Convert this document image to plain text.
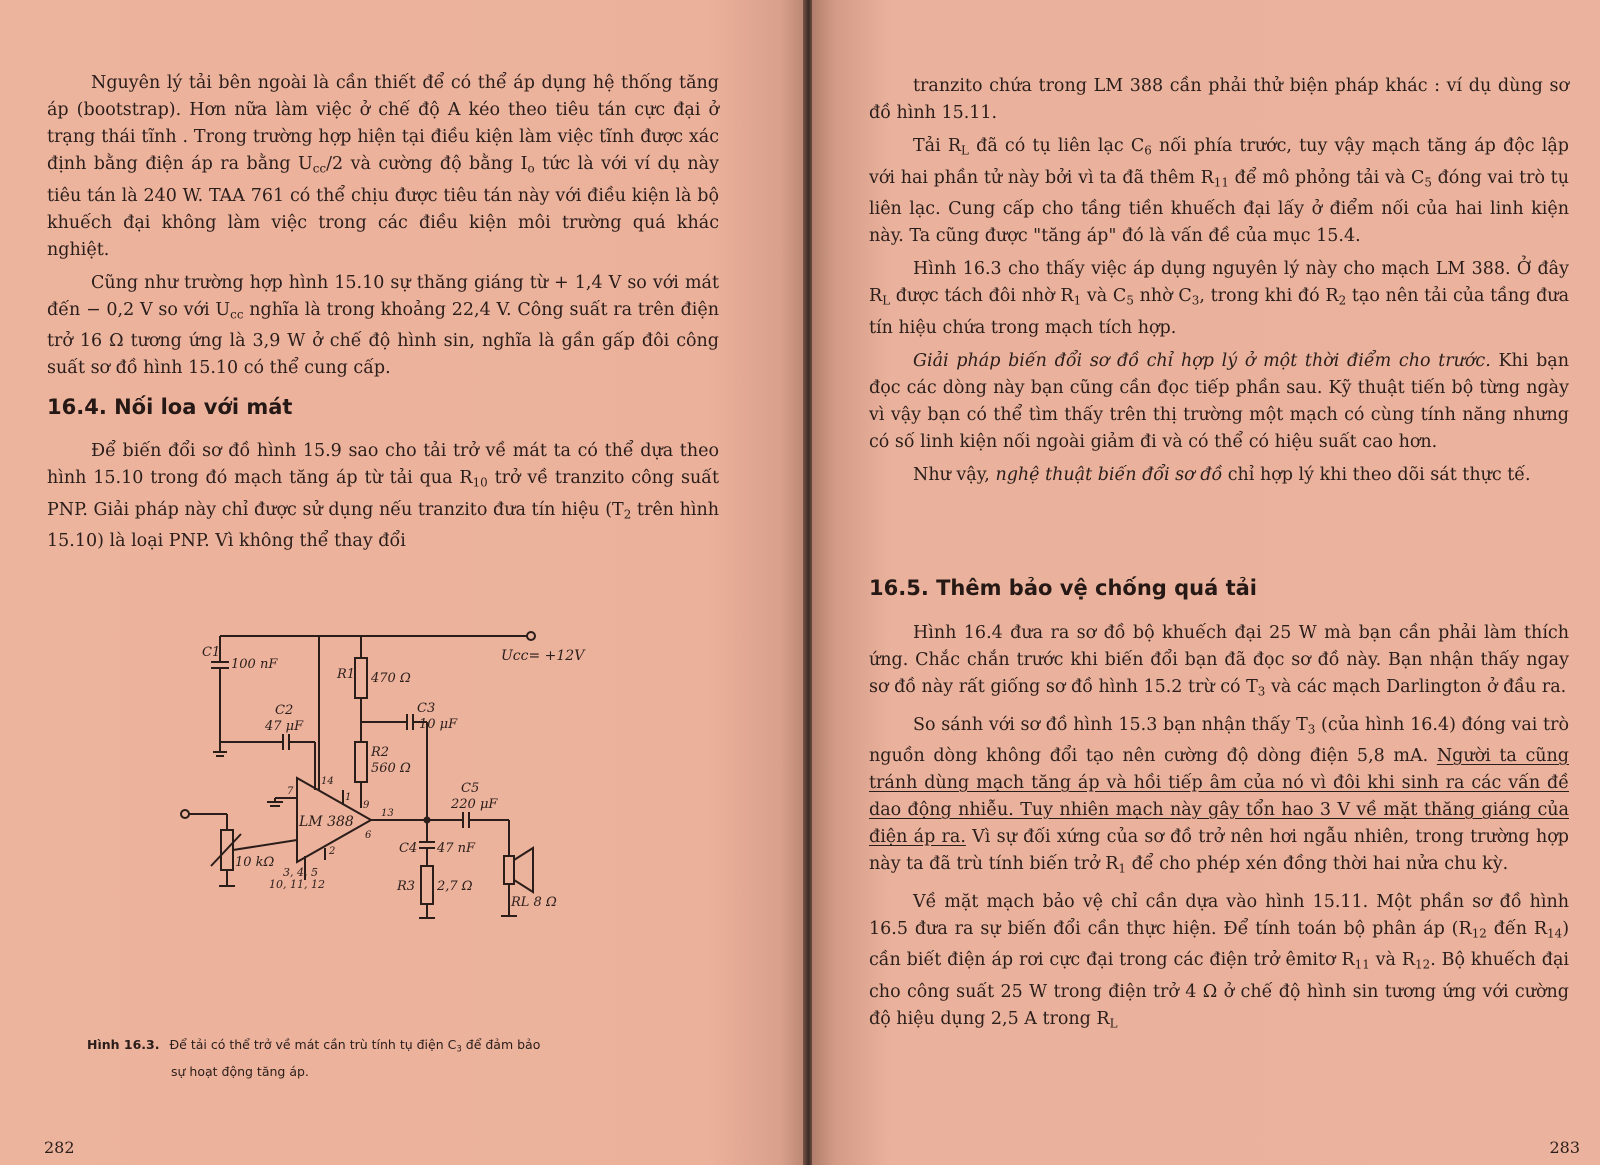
Nguyên lý tải bên ngoài là cần thiết để có thể áp dụng hệ thống tăng áp (bootstrap). Hơn nữa làm việc ở chế độ A kéo theo tiêu tán cực đại ở trạng thái tĩnh . Trong trường hợp hiện tại điều kiện làm việc tĩnh được xác định bằng điện áp ra bằng $U_{cc}/2$ và cường độ bằng $I_o$ tức là với ví dụ này tiêu tán là 240 W. TAA 761 có thể chịu được tiêu tán này với điều kiện là bộ khuếch đại không làm việc trong các điều kiện môi trường quá khác nghiệt.

Cũng như trường hợp hình 15.10 sự thăng giáng từ + 1,4 V so với mát đến − 0,2 V so với $U_{cc}$ nghĩa là trong khoảng 22,4 V. Công suất ra trên điện trở 16 Ω tương ứng là 3,9 W ở chế độ hình sin, nghĩa là gần gấp đôi công suất sơ đồ hình 15.10 có thể cung cấp.

16.4. Nối loa với mát

Để biến đổi sơ đồ hình 15.9 sao cho tải trở về mát ta có thể dựa theo hình 15.10 trong đó mạch tăng áp từ tải qua $R_{10}$ trở về tranzito công suất PNP. Giải pháp này chỉ được sử dụng nếu tranzito đưa tín hiệu ($T_2$ trên hình 15.10) là loại PNP. Vì không thể thay đổi

C1
100 nF
C2
47 μF
R1 470 Ω
C3
10 μF
R2
560 Ω
Ucc= +12V
C5
220 μF
C4 47 nF
R3 2,7 Ω
10 kΩ
LM 388
7
14
1
9
13
6
2
3, 4, 5
10, 11, 12
RL 8 Ω
Hình 16.3. Để tải có thể trở về mát cần trù tính tụ điện $C_3$ để đảm bảo
sự hoạt động tăng áp.
282

tranzito chứa trong LM 388 cần phải thử biện pháp khác : ví dụ dùng sơ đồ hình 15.11.

Tải $R_L$ đã có tụ liên lạc $C_6$ nối phía trước, tuy vậy mạch tăng áp độc lập với hai phần tử này bởi vì ta đã thêm $R_{11}$ để mô phỏng tải và $C_5$ đóng vai trò tụ liên lạc. Cung cấp cho tầng tiền khuếch đại lấy ở điểm nối của hai linh kiện này. Ta cũng được "tăng áp" đó là vấn đề của mục 15.4.

Hình 16.3 cho thấy việc áp dụng nguyên lý này cho mạch LM 388. Ở đây $R_L$ được tách đôi nhờ $R_1$ và $C_5$ nhờ $C_3$, trong khi đó $R_2$ tạo nên tải của tầng đưa tín hiệu chứa trong mạch tích hợp.

Giải pháp biến đổi sơ đồ chỉ hợp lý ở một thời điểm cho trước. Khi bạn đọc các dòng này bạn cũng cần đọc tiếp phần sau. Kỹ thuật tiến bộ từng ngày vì vậy bạn có thể tìm thấy trên thị trường một mạch có cùng tính năng nhưng có số linh kiện nối ngoài giảm đi và có thể có hiệu suất cao hơn.

Như vậy, nghệ thuật biến đổi sơ đồ chỉ hợp lý khi theo dõi sát thực tế.

16.5. Thêm bảo vệ chống quá tải

Hình 16.4 đưa ra sơ đồ bộ khuếch đại 25 W mà bạn cần phải làm thích ứng. Chắc chắn trước khi biến đổi bạn đã đọc sơ đồ này. Bạn nhận thấy ngay sơ đồ này rất giống sơ đồ hình 15.2 trừ có $T_3$ và các mạch Darlington ở đầu ra.

So sánh với sơ đồ hình 15.3 bạn nhận thấy $T_3$ (của hình 16.4) đóng vai trò nguồn dòng không đổi tạo nên cường độ dòng điện 5,8 mA. Người ta cũng tránh dùng mạch tăng áp và hồi tiếp âm của nó vì đôi khi sinh ra các vấn đề dao động nhiễu. Tuy nhiên mạch này gây tổn hao 3 V về mặt thăng giáng của điện áp ra. Vì sự đối xứng của sơ đồ trở nên hơi ngẫu nhiên, trong trường hợp này ta đã trù tính biến trở $R_1$ để cho phép xén đồng thời hai nửa chu kỳ.

Về mặt mạch bảo vệ chỉ cần dựa vào hình 15.11. Một phần sơ đồ hình 16.5 đưa ra sự biến đổi cần thực hiện. Để tính toán bộ phân áp ($R_{12}$ đến $R_{14}$) cần biết điện áp rơi cực đại trong các điện trở êmitơ $R_{11}$ và $R_{12}$. Bộ khuếch đại cho công suất 25 W trong điện trở 4 Ω ở chế độ hình sin tương ứng với cường độ hiệu dụng 2,5 A trong $R_L$

283
